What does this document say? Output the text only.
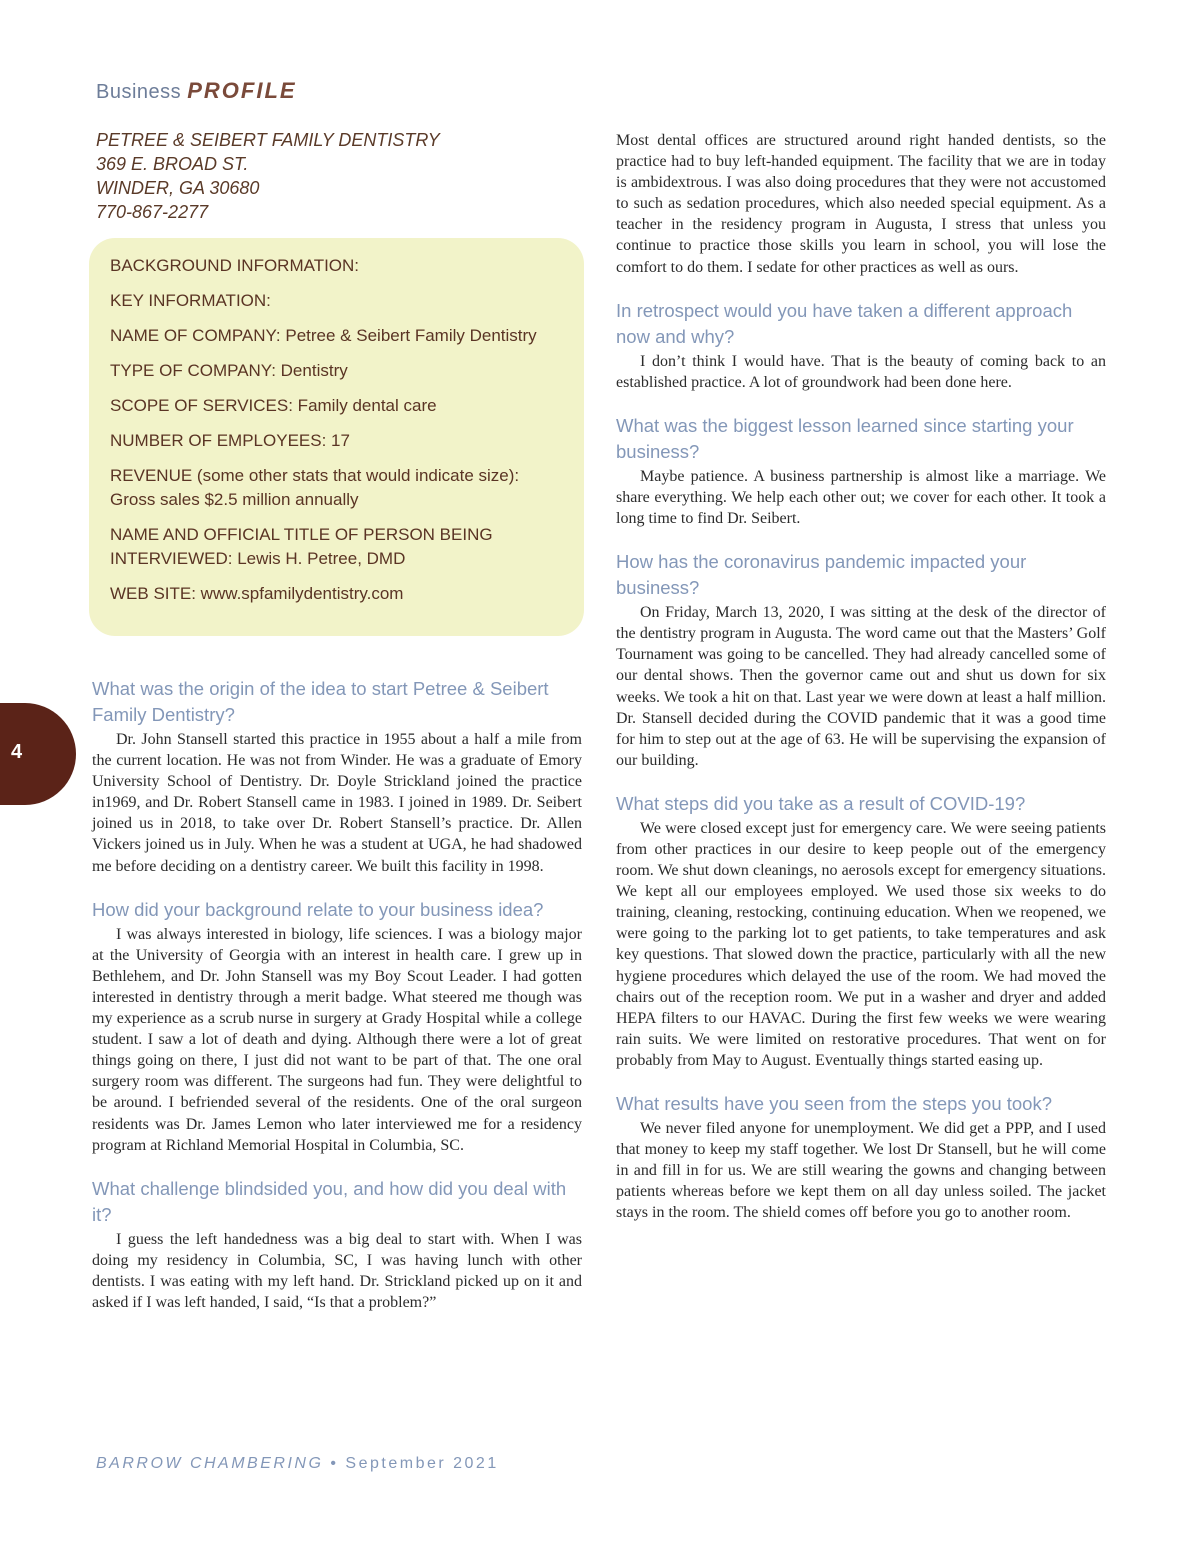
Business PROFILE
PETREE & SEIBERT FAMILY DENTISTRY
369 E. BROAD ST.
WINDER, GA 30680
770-867-2277
BACKGROUND INFORMATION:
KEY INFORMATION:
NAME OF COMPANY: Petree & Seibert Family Dentistry
TYPE OF COMPANY: Dentistry
SCOPE OF SERVICES: Family dental care
NUMBER OF EMPLOYEES: 17
REVENUE (some other stats that would indicate size):
Gross sales $2.5 million annually
NAME AND OFFICIAL TITLE OF PERSON BEING
INTERVIEWED: Lewis H. Petree, DMD
WEB SITE: www.spfamilydentistry.com
4
What was the origin of the idea to start Petree & Seibert Family Dentistry?

Dr. John Stansell started this practice in 1955 about a half a mile from the current location. He was not from Winder. He was a graduate of Emory University School of Dentistry. Dr. Doyle Strickland joined the practice in1969, and Dr. Robert Stansell came in 1983. I joined in 1989. Dr. Seibert joined us in 2018, to take over Dr. Robert Stansell’s practice. Dr. Allen Vickers joined us in July. When he was a student at UGA, he had shadowed me before deciding on a dentistry career. We built this facility in 1998.

How did your background relate to your business idea?

I was always interested in biology, life sciences. I was a biology major at the University of Georgia with an interest in health care. I grew up in Bethlehem, and Dr. John Stansell was my Boy Scout Leader. I had gotten interested in dentistry through a merit badge. What steered me though was my experience as a scrub nurse in surgery at Grady Hospital while a college student. I saw a lot of death and dying. Although there were a lot of great things going on there, I just did not want to be part of that. The one oral surgery room was different. The surgeons had fun. They were delightful to be around. I befriended several of the residents. One of the oral surgeon residents was Dr. James Lemon who later interviewed me for a residency program at Richland Memorial Hospital in Columbia, SC.

What challenge blindsided you, and how did you deal with it?

I guess the left handedness was a big deal to start with. When I was doing my residency in Columbia, SC, I was having lunch with other dentists. I was eating with my left hand. Dr. Strickland picked up on it and asked if I was left handed, I said, “Is that a problem?”

Most dental offices are structured around right handed dentists, so the practice had to buy left-handed equipment. The facility that we are in today is ambidextrous. I was also doing procedures that they were not accustomed to such as sedation procedures, which also needed special equipment. As a teacher in the residency program in Augusta, I stress that unless you continue to practice those skills you learn in school, you will lose the comfort to do them. I sedate for other practices as well as ours.

In retrospect would you have taken a different approach now and why?

I don’t think I would have. That is the beauty of coming back to an established practice. A lot of groundwork had been done here.

What was the biggest lesson learned since starting your business?

Maybe patience. A business partnership is almost like a marriage. We share everything. We help each other out; we cover for each other. It took a long time to find Dr. Seibert.

How has the coronavirus pandemic impacted your business?

On Friday, March 13, 2020, I was sitting at the desk of the director of the dentistry program in Augusta. The word came out that the Masters’ Golf Tournament was going to be cancelled. They had already cancelled some of our dental shows. Then the governor came out and shut us down for six weeks. We took a hit on that. Last year we were down at least a half million. Dr. Stansell decided during the COVID pandemic that it was a good time for him to step out at the age of 63. He will be supervising the expansion of our building.

What steps did you take as a result of COVID-19?

We were closed except just for emergency care. We were seeing patients from other practices in our desire to keep people out of the emergency room. We shut down cleanings, no aerosols except for emergency situations. We kept all our employees employed. We used those six weeks to do training, cleaning, restocking, continuing education. When we reopened, we were going to the parking lot to get patients, to take temperatures and ask key questions. That slowed down the practice, particularly with all the new hygiene procedures which delayed the use of the room. We had moved the chairs out of the reception room. We put in a washer and dryer and added HEPA filters to our HAVAC. During the first few weeks we were wearing rain suits. We were limited on restorative procedures. That went on for probably from May to August. Eventually things started easing up.

What results have you seen from the steps you took?

We never filed anyone for unemployment. We did get a PPP, and I used that money to keep my staff together. We lost Dr Stansell, but he will come in and fill in for us. We are still wearing the gowns and changing between patients whereas before we kept them on all day unless soiled. The jacket stays in the room. The shield comes off before you go to another room.

BARROW CHAMBERING • September 2021
